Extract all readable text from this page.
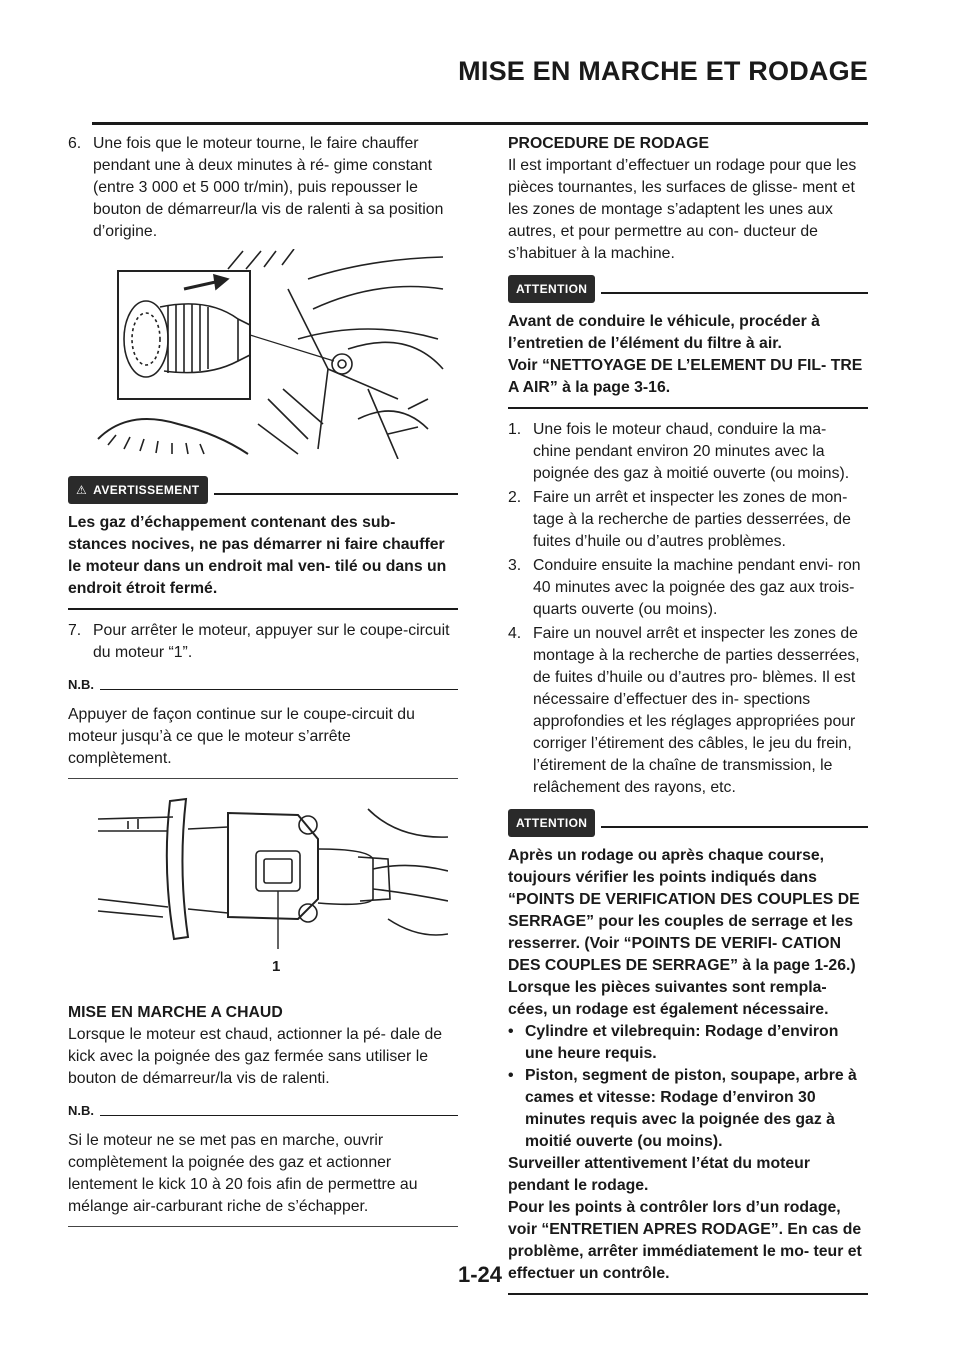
MISE EN MARCHE ET RODAGE
6. Une fois que le moteur tourne, le faire chauffer pendant une à deux minutes à ré- gime constant (entre 3 000 et 5 000 tr/min), puis repousser le bouton de démarreur/la vis de ralenti à sa position d’origine.
⚠ AVERTISSEMENT

Les gaz d’échappement contenant des sub- stances nocives, ne pas démarrer ni faire chauffer le moteur dans un endroit mal ven- tilé ou dans un endroit étroit fermé.

7. Pour arrêter le moteur, appuyer sur le coupe-circuit du moteur “1”.
N.B.

Appuyer de façon continue sur le coupe-circuit du moteur jusqu’à ce que le moteur s’arrête complètement.

1

MISE EN MARCHE A CHAUD

Lorsque le moteur est chaud, actionner la pé- dale de kick avec la poignée des gaz fermée sans utiliser le bouton de démarreur/la vis de ralenti.

N.B.

Si le moteur ne se met pas en marche, ouvrir complètement la poignée des gaz et actionner lentement le kick 10 à 20 fois afin de permettre au mélange air-carburant riche de s’échapper.

PROCEDURE DE RODAGE

Il est important d’effectuer un rodage pour que les pièces tournantes, les surfaces de glisse- ment et les zones de montage s’adaptent les unes aux autres, et pour permettre au con- ducteur de s’habituer à la machine.

ATTENTION

Avant de conduire le véhicule, procéder à l’entretien de l’élément du filtre à air.

Voir “NETTOYAGE DE L’ELEMENT DU FIL- TRE A AIR” à la page 3-16.

1. Une fois le moteur chaud, conduire la ma- chine pendant environ 20 minutes avec la poignée des gaz à moitié ouverte (ou moins).
2. Faire un arrêt et inspecter les zones de mon- tage à la recherche de parties desserrées, de fuites d’huile ou d’autres problèmes.
3. Conduire ensuite la machine pendant envi- ron 40 minutes avec la poignée des gaz aux trois-quarts ouverte (ou moins).
4. Faire un nouvel arrêt et inspecter les zones de montage à la recherche de parties desserrées, de fuites d’huile ou d’autres pro- blèmes. Il est nécessaire d’effectuer des in- spections approfondies et les réglages appropriées pour corriger l’étirement des câbles, le jeu du frein, l’étirement de la chaîne de transmission, le relâchement des rayons, etc.
ATTENTION

Après un rodage ou après chaque course, toujours vérifier les points indiqués dans “POINTS DE VERIFICATION DES COUPLES DE SERRAGE” pour les couples de serrage et les resserrer. (Voir “POINTS DE VERIFI- CATION DES COUPLES DE SERRAGE” à la page 1-26.)

Lorsque les pièces suivantes sont rempla- cées, un rodage est également nécessaire.

• Cylindre et vilebrequin: Rodage d’environ une heure requis.
• Piston, segment de piston, soupape, arbre à cames et vitesse: Rodage d’environ 30 minutes requis avec la poignée des gaz à moitié ouverte (ou moins).

Surveiller attentivement l’état du moteur pendant le rodage.

Pour les points à contrôler lors d’un rodage, voir “ENTRETIEN APRES RODAGE”. En cas de problème, arrêter immédiatement le mo- teur et effectuer un contrôle.

1-24
